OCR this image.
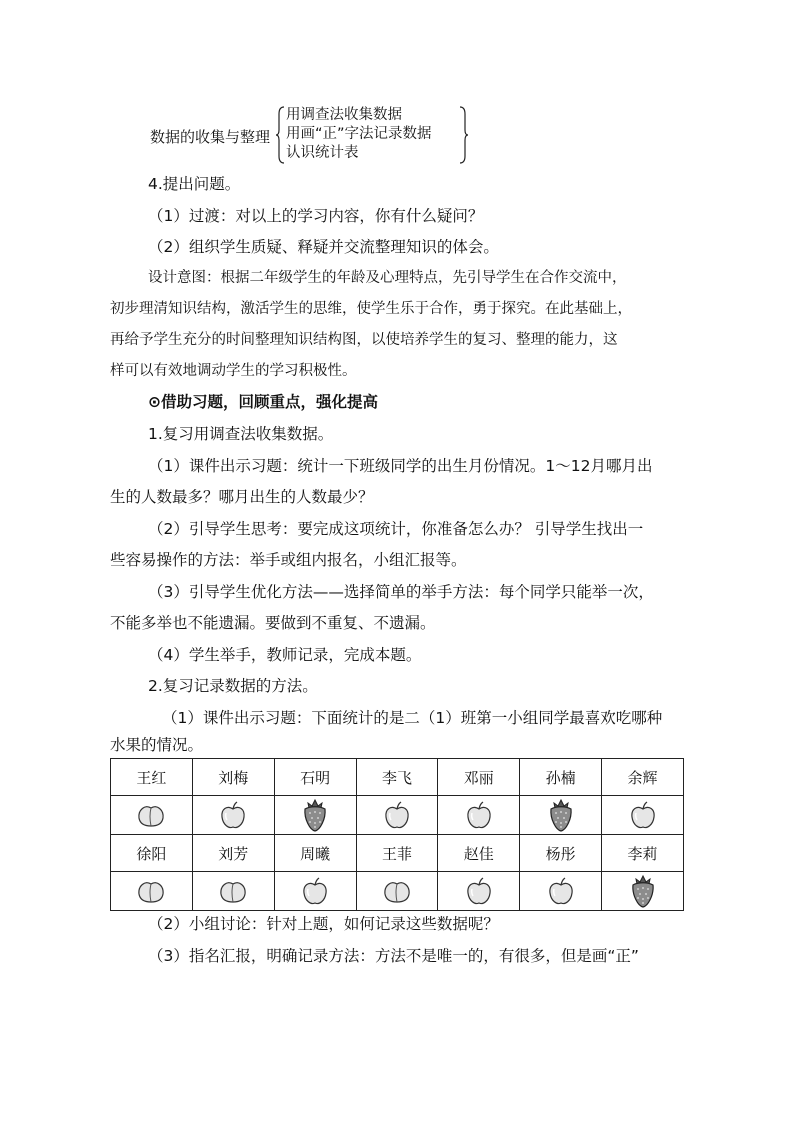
数据的收集与整理
用调查法收集数据
用画“正”字法记录数据
认识统计表
4.提出问题。
（1）过渡：对以上的学习内容，你有什么疑问？
（2）组织学生质疑、释疑并交流整理知识的体会。
设计意图：根据二年级学生的年龄及心理特点，先引导学生在合作交流中，
初步理清知识结构，激活学生的思维，使学生乐于合作，勇于探究。在此基础上，
再给予学生充分的时间整理知识结构图，以使培养学生的复习、整理的能力，这
样可以有效地调动学生的学习积极性。
⊙借助习题，回顾重点，强化提高
1.复习用调查法收集数据。
（1）课件出示习题：统计一下班级同学的出生月份情况。1～12月哪月出
生的人数最多？哪月出生的人数最少？
（2）引导学生思考：要完成这项统计，你准备怎么办？ 引导学生找出一
些容易操作的方法：举手或组内报名，小组汇报等。
（3）引导学生优化方法——选择简单的举手方法：每个同学只能举一次，
不能多举也不能遗漏。要做到不重复、不遗漏。
（4）学生举手，教师记录，完成本题。
2.复习记录数据的方法。
（1）课件出示习题：下面统计的是二（1）班第一小组同学最喜欢吃哪种
水果的情况。
王红	刘梅	石明	李飞	邓丽	孙楠	余辉

徐阳	刘芳	周曦	王菲	赵佳	杨彤	李莉

（2）小组讨论：针对上题，如何记录这些数据呢？
（3）指名汇报，明确记录方法：方法不是唯一的，有很多，但是画“正”
